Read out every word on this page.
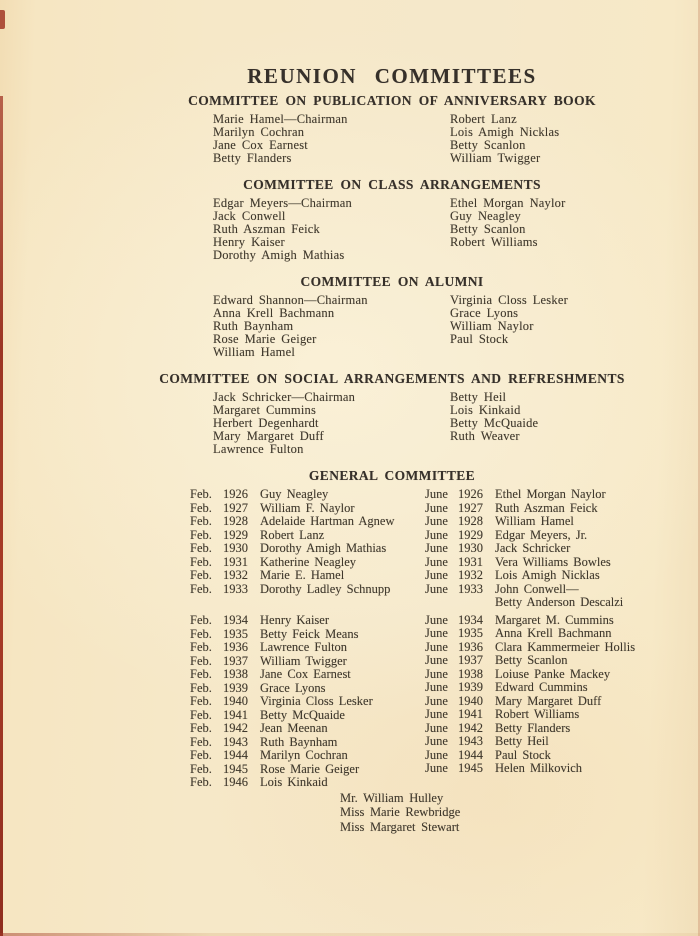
REUNION COMMITTEES
COMMITTEE ON PUBLICATION OF ANNIVERSARY BOOK
Marie Hamel—Chairman
Marilyn Cochran
Jane Cox Earnest
Betty Flanders
Robert Lanz
Lois Amigh Nicklas
Betty Scanlon
William Twigger
COMMITTEE ON CLASS ARRANGEMENTS
Edgar Meyers—Chairman
Jack Conwell
Ruth Aszman Feick
Henry Kaiser
Dorothy Amigh Mathias
Ethel Morgan Naylor
Guy Neagley
Betty Scanlon
Robert Williams
COMMITTEE ON ALUMNI
Edward Shannon—Chairman
Anna Krell Bachmann
Ruth Baynham
Rose Marie Geiger
William Hamel
Virginia Closs Lesker
Grace Lyons
William Naylor
Paul Stock
COMMITTEE ON SOCIAL ARRANGEMENTS AND REFRESHMENTS
Jack Schricker—Chairman
Margaret Cummins
Herbert Degenhardt
Mary Margaret Duff
Lawrence Fulton
Betty Heil
Lois Kinkaid
Betty McQuaide
Ruth Weaver
GENERAL COMMITTEE
Feb. 1926 Guy Neagley
Feb. 1927 William F. Naylor
Feb. 1928 Adelaide Hartman Agnew
Feb. 1929 Robert Lanz
Feb. 1930 Dorothy Amigh Mathias
Feb. 1931 Katherine Neagley
Feb. 1932 Marie E. Hamel
Feb. 1933 Dorothy Ladley Schnupp
Feb. 1934 Henry Kaiser
Feb. 1935 Betty Feick Means
Feb. 1936 Lawrence Fulton
Feb. 1937 William Twigger
Feb. 1938 Jane Cox Earnest
Feb. 1939 Grace Lyons
Feb. 1940 Virginia Closs Lesker
Feb. 1941 Betty McQuaide
Feb. 1942 Jean Meenan
Feb. 1943 Ruth Baynham
Feb. 1944 Marilyn Cochran
Feb. 1945 Rose Marie Geiger
Feb. 1946 Lois Kinkaid
June 1926 Ethel Morgan Naylor
June 1927 Ruth Aszman Feick
June 1928 William Hamel
June 1929 Edgar Meyers, Jr.
June 1930 Jack Schricker
June 1931 Vera Williams Bowles
June 1932 Lois Amigh Nicklas
June 1933 John Conwell—
Betty Anderson Descalzi
June 1934 Margaret M. Cummins
June 1935 Anna Krell Bachmann
June 1936 Clara Kammermeier Hollis
June 1937 Betty Scanlon
June 1938 Loiuse Panke Mackey
June 1939 Edward Cummins
June 1940 Mary Margaret Duff
June 1941 Robert Williams
June 1942 Betty Flanders
June 1943 Betty Heil
June 1944 Paul Stock
June 1945 Helen Milkovich
Mr. William Hulley
Miss Marie Rewbridge
Miss Margaret Stewart
